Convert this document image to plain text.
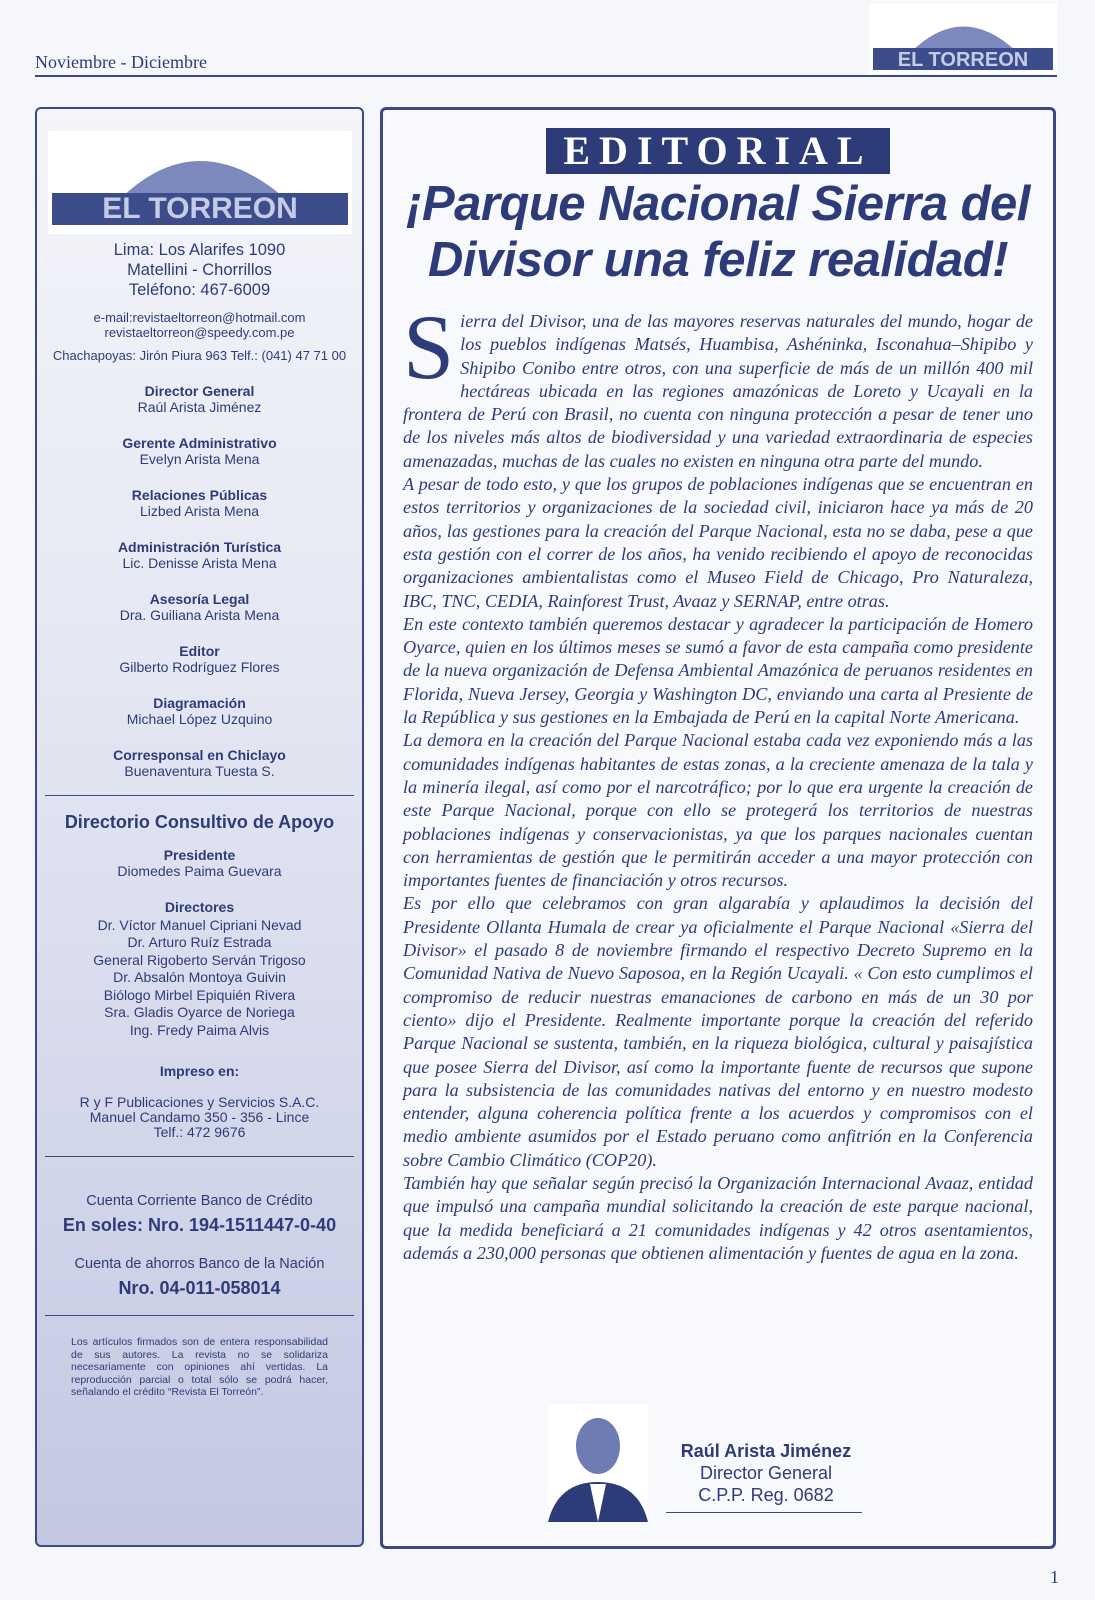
Noviembre - Diciembre	EL TORREON
EL TORREON
Lima: Los Alarifes 1090
Matellini - Chorrillos
Teléfono: 467-6009
e-mail:revistaeltorreon@hotmail.com
revistaeltorreon@speedy.com.pe
Chachapoyas: Jirón Piura 963 Telf.: (041) 47 71 00
Director General
Raúl Arista Jiménez
Gerente Administrativo
Evelyn Arista Mena
Relaciones Públicas
Lizbed Arista Mena
Administración Turística
Lic. Denisse Arista Mena
Asesoría Legal
Dra. Guiliana Arista Mena
Editor
Gilberto Rodríguez Flores
Diagramación
Michael López Uzquino
Corresponsal en Chiclayo
Buenaventura Tuesta S.
Directorio Consultivo de Apoyo
Presidente
Diomedes Paima Guevara
Directores
Dr. Víctor Manuel Cipriani Nevad
Dr. Arturo Ruíz Estrada
General Rigoberto Serván Trigoso
Dr. Absalón Montoya Guivin
Biólogo Mirbel Epiquién Rivera
Sra. Gladis Oyarce de Noriega
Ing. Fredy Paima Alvis
Impreso en:
R y F Publicaciones y Servicios S.A.C.
Manuel Candamo 350 - 356 - Lince
Telf.: 472 9676
Cuenta Corriente Banco de Crédito
En soles: Nro. 194-1511447-0-40
Cuenta de ahorros Banco de la Nación
Nro. 04-011-058014
Los artículos firmados son de entera responsabilidad de sus autores. La revista no se solidariza necesariamente con opiniones ahí vertidas. La reproducción parcial o total sólo se podrá hacer, señalando el crédito “Revista El Torreón”.
EDITORIAL
¡Parque Nacional Sierra del Divisor una feliz realidad!
Sierra del Divisor, una de las mayores reservas naturales del mundo, hogar de los pueblos indígenas Matsés, Huambisa, Ashéninka, Isconahua–Shipibo y Shipibo Conibo entre otros, con una superficie de más de un millón 400 mil hectáreas ubicada en las regiones amazónicas de Loreto y Ucayali en la frontera de Perú con Brasil, no cuenta con ninguna protección a pesar de tener uno de los niveles más altos de biodiversidad y una variedad extraordinaria de especies amenazadas, muchas de las cuales no existen en ninguna otra parte del mundo.

A pesar de todo esto, y que los grupos de poblaciones indígenas que se encuentran en estos territorios y organizaciones de la sociedad civil, iniciaron hace ya más de 20 años, las gestiones para la creación del Parque Nacional, esta no se daba, pese a que esta gestión con el correr de los años, ha venido recibiendo el apoyo de reconocidas organizaciones ambientalistas como el Museo Field de Chicago, Pro Naturaleza, IBC, TNC, CEDIA, Rainforest Trust, Avaaz y SERNAP, entre otras.

En este contexto también queremos destacar y agradecer la participación de Homero Oyarce, quien en los últimos meses se sumó a favor de esta campaña como presidente de la nueva organización de Defensa Ambiental Amazónica de peruanos residentes en Florida, Nueva Jersey, Georgia y Washington DC, enviando una carta al Presiente de la República y sus gestiones en la Embajada de Perú en la capital Norte Americana.

La demora en la creación del Parque Nacional estaba cada vez exponiendo más a las comunidades indígenas habitantes de estas zonas, a la creciente amenaza de la tala y la minería ilegal, así como por el narcotráfico; por lo que era urgente la creación de este Parque Nacional, porque con ello se protegerá los territorios de nuestras poblaciones indígenas y conservacionistas, ya que los parques nacionales cuentan con herramientas de gestión que le permitirán acceder a una mayor protección con importantes fuentes de financiación y otros recursos.

Es por ello que celebramos con gran algarabía y aplaudimos la decisión del Presidente Ollanta Humala de crear ya oficialmente el Parque Nacional «Sierra del Divisor» el pasado 8 de noviembre firmando el respectivo Decreto Supremo en la Comunidad Nativa de Nuevo Saposoa, en la Región Ucayali. « Con esto cumplimos el compromiso de reducir nuestras emanaciones de carbono en más de un 30 por ciento» dijo el Presidente. Realmente importante porque la creación del referido Parque Nacional se sustenta, también, en la riqueza biológica, cultural y paisajística que posee Sierra del Divisor, así como la importante fuente de recursos que supone para la subsistencia de las comunidades nativas del entorno y en nuestro modesto entender, alguna coherencia política frente a los acuerdos y compromisos con el medio ambiente asumidos por el Estado peruano como anfitrión en la Conferencia sobre Cambio Climático (COP20).

También hay que señalar según precisó la Organización Internacional Avaaz, entidad que impulsó una campaña mundial solicitando la creación de este parque nacional, que la medida beneficiará a 21 comunidades indígenas y 42 otros asentamientos, además a 230,000 personas que obtienen alimentación y fuentes de agua en la zona.

Raúl Arista Jiménez
Director General
C.P.P. Reg. 0682
1
